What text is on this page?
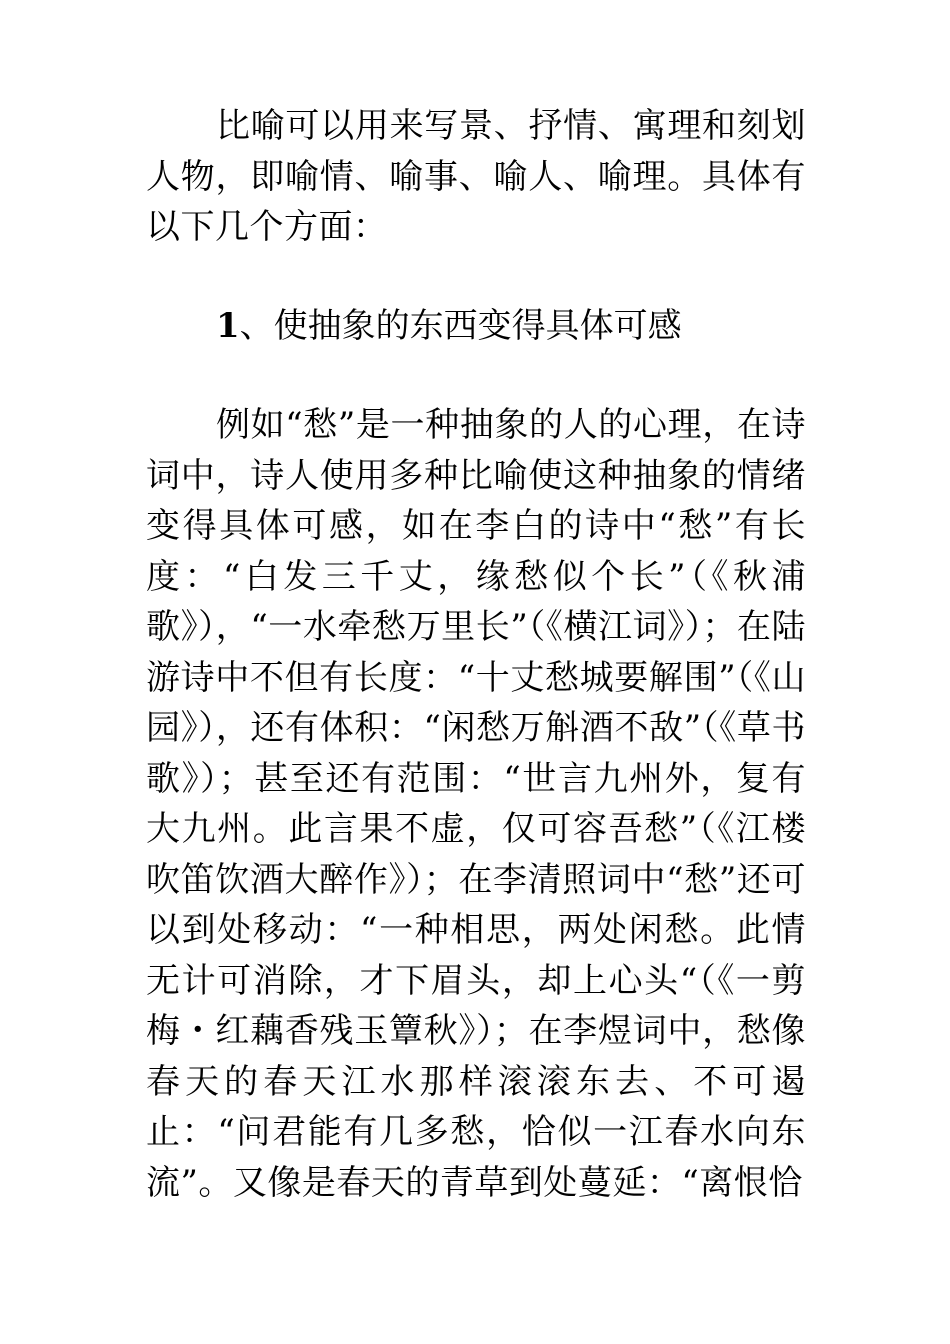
比喻可以用来写景、抒情、寓理和刻划人物，即喻情、喻事、喻人、喻理。具体有以下几个方面：

1、使抽象的东西变得具体可感

例如“愁”是一种抽象的人的心理，在诗词中，诗人使用多种比喻使这种抽象的情绪变得具体可感，如在李白的诗中“愁”有长度：“白发三千丈，缘愁似个长”（《秋浦歌》），“一水牵愁万里长”（《横江词》）；在陆游诗中不但有长度：“十丈愁城要解围”（《山园》），还有体积：“闲愁万斛酒不敌”（《草书歌》）；甚至还有范围：“世言九州外，复有大九州。此言果不虚，仅可容吾愁”（《江楼吹笛饮酒大醉作》）；在李清照词中“愁”还可以到处移动：“一种相思，两处闲愁。此情无计可消除，才下眉头，却上心头“（《一剪梅・红藕香残玉簟秋》）；在李煜词中，愁像春天的春天江水那样滚滚东去、不可遏止：“问君能有几多愁，恰似一江春水向东流”。又像是春天的青草到处蔓延：“离恨恰
